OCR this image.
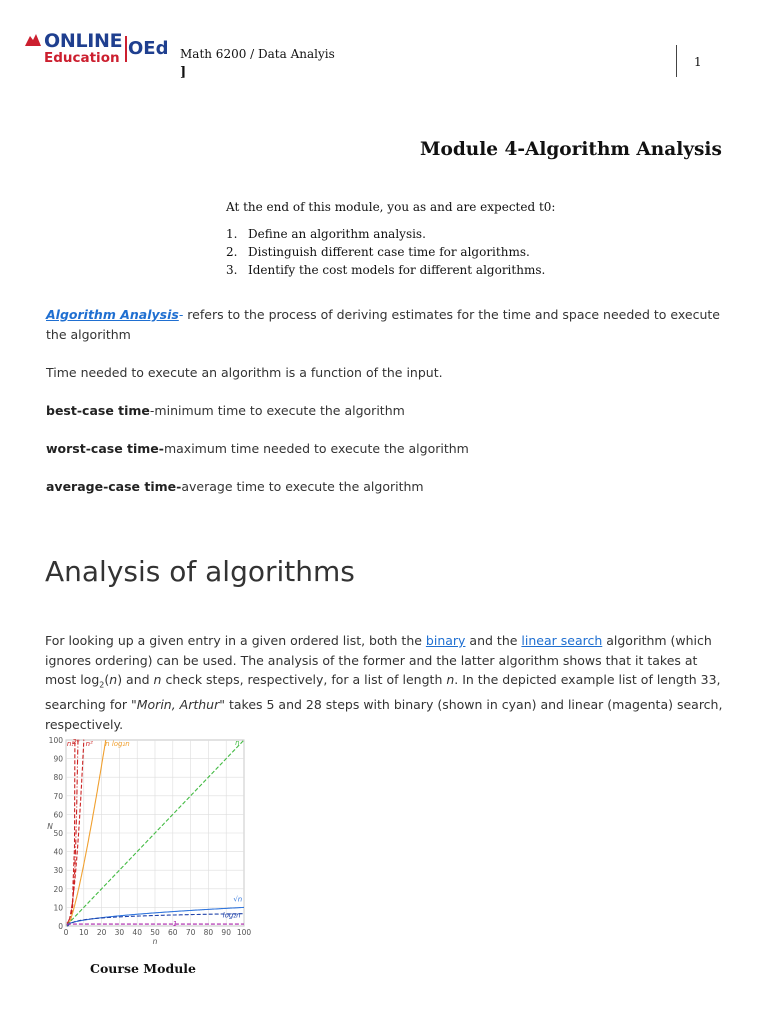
ONLINE
Education OEd Math 6200 / Data Analyis
]
1
Module 4-Algorithm Analysis
At the end of this module, you as and are expected t0:
1. Define an algorithm analysis.
2. Distinguish different case time for algorithms.
3. Identify the cost models for different algorithms.
Algorithm Analysis- refers to the process of deriving estimates for the time and space needed to execute the algorithm
Time needed to execute an algorithm is a function of the input.
best-case time-minimum time to execute the algorithm
worst-case time-maximum time needed to execute the algorithm
average-case time-average time to execute the algorithm
Analysis of algorithms
For looking up a given entry in a given ordered list, both the binary and the linear search algorithm (which ignores ordering) can be used. The analysis of the former and the latter algorithm shows that it takes at most $\log_2(n)$ and n check steps, respectively, for a list of length n. In the depicted example list of length 33, searching for "Morin, Arthur" takes 5 and 28 steps with binary (shown in cyan) and linear (magenta) search, respectively.
0 10 20 30 40 50 60 70 80 90 100
0
10
20
30
40
50
60
70
80
90
100
n
N
n!
2ⁿ n² n log₂n	n
√n
log₂n
1
Course Module
